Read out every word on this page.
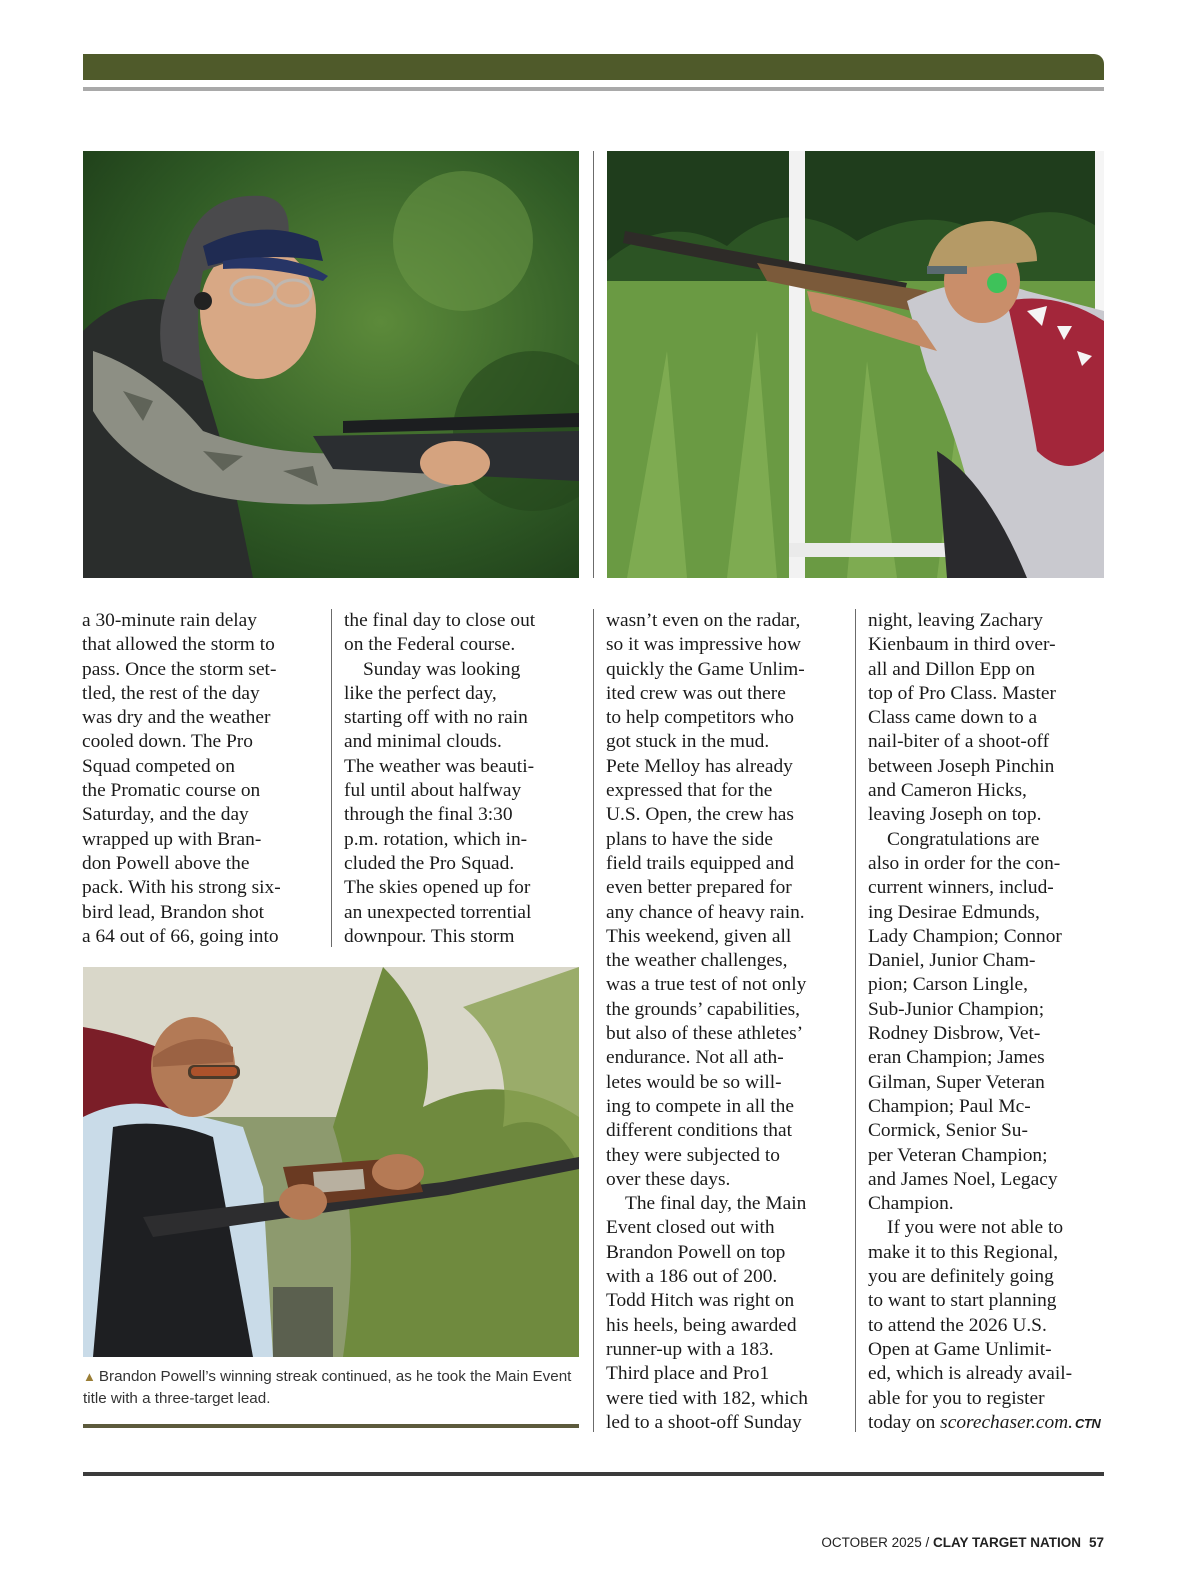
a 30-minute rain delay

that allowed the storm to

pass. Once the storm set-

tled, the rest of the day

was dry and the weather

cooled down. The Pro

Squad competed on

the Promatic course on

Saturday, and the day

wrapped up with Bran-

don Powell above the

pack. With his strong six-

bird lead, Brandon shot

a 64 out of 66, going into

the final day to close out

on the Federal course.

Sunday was looking

like the perfect day,

starting off with no rain

and minimal clouds.

The weather was beauti-

ful until about halfway

through the final 3:30

p.m. rotation, which in-

cluded the Pro Squad.

The skies opened up for

an unexpected torrential

downpour. This storm

wasn’t even on the radar,

so it was impressive how

quickly the Game Unlim-

ited crew was out there

to help competitors who

got stuck in the mud.

Pete Melloy has already

expressed that for the

U.S. Open, the crew has

plans to have the side

field trails equipped and

even better prepared for

any chance of heavy rain.

This weekend, given all

the weather challenges,

was a true test of not only

the grounds’ capabilities,

but also of these athletes’

endurance. Not all ath-

letes would be so will-

ing to compete in all the

different conditions that

they were subjected to

over these days.

The final day, the Main

Event closed out with

Brandon Powell on top

with a 186 out of 200.

Todd Hitch was right on

his heels, being awarded

runner-up with a 183.

Third place and Pro1

were tied with 182, which

led to a shoot-off Sunday

night, leaving Zachary

Kienbaum in third over-

all and Dillon Epp on

top of Pro Class. Master

Class came down to a

nail-biter of a shoot-off

between Joseph Pinchin

and Cameron Hicks,

leaving Joseph on top.

Congratulations are

also in order for the con-

current winners, includ-

ing Desirae Edmunds,

Lady Champion; Connor

Daniel, Junior Cham-

pion; Carson Lingle,

Sub-Junior Champion;

Rodney Disbrow, Vet-

eran Champion; James

Gilman, Super Veteran

Champion; Paul Mc-

Cormick, Senior Su-

per Veteran Champion;

and James Noel, Legacy

Champion.

If you were not able to

make it to this Regional,

you are definitely going

to want to start planning

to attend the 2026 U.S.

Open at Game Unlimit-

ed, which is already avail-

able for you to register

today on scorechaser.com. CTN

▲ Brandon Powell’s winning streak continued, as he took the Main Event title with a three-target lead.
OCTOBER 2025 / CLAY TARGET NATION 57
